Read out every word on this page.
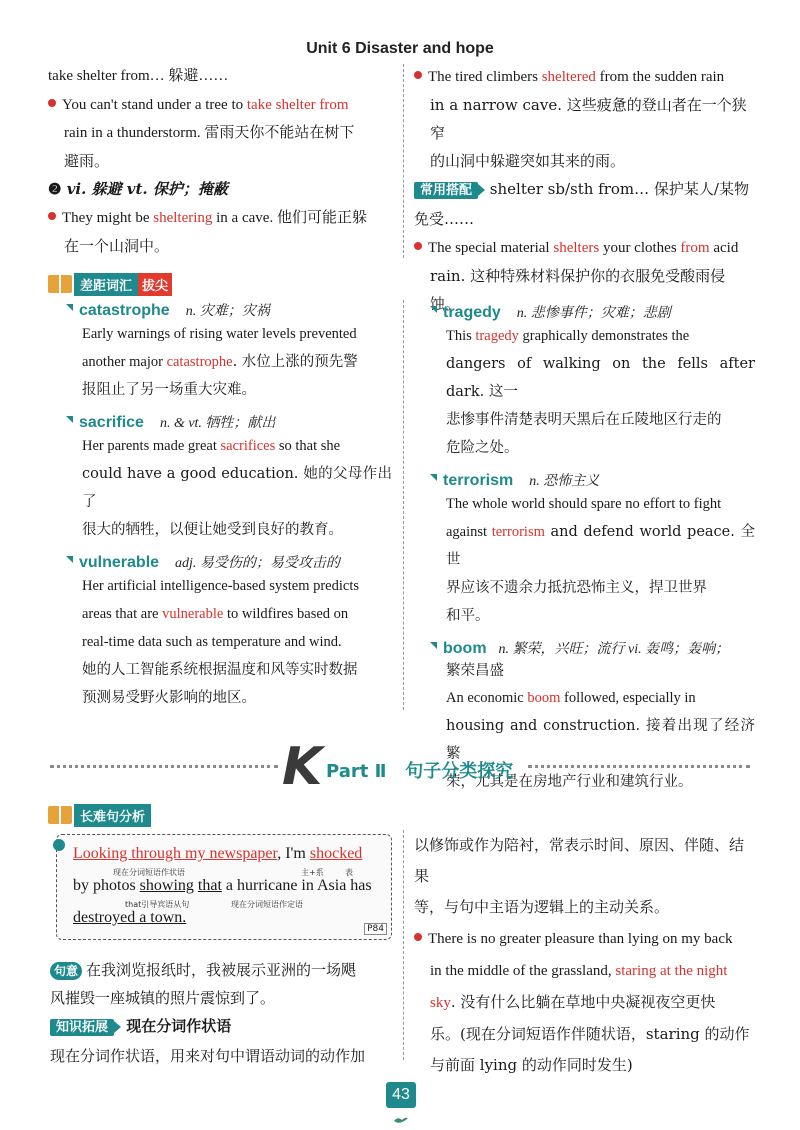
Unit 6 Disaster and hope
take shelter from… 躲避……
You can't stand under a tree to take shelter from
rain in a thunderstorm. 雷雨天你不能站在树下
避雨。
❷ vi. 躲避 vt. 保护；掩蔽
They might be sheltering in a cave. 他们可能正躲
在一个山洞中。
The tired climbers sheltered from the sudden rain
in a narrow cave. 这些疲惫的登山者在一个狭窄
的山洞中躲避突如其来的雨。
常用搭配 shelter sb/sth from… 保护某人/某物
免受……
The special material shelters your clothes from acid
rain. 这种特殊材料保护你的衣服免受酸雨侵蚀。
差距词汇 拔尖
catastrophe n. 灾难；灾祸
Early warnings of rising water levels prevented
another major catastrophe. 水位上涨的预先警
报阻止了另一场重大灾难。
sacrifice n. & vt. 牺牲；献出
Her parents made great sacrifices so that she
could have a good education. 她的父母作出了
很大的牺牲，以便让她受到良好的教育。
vulnerable adj. 易受伤的；易受攻击的
Her artificial intelligence-based system predicts
areas that are vulnerable to wildfires based on
real-time data such as temperature and wind.
她的人工智能系统根据温度和风等实时数据
预测易受野火影响的地区。
tragedy n. 悲惨事件；灾难；悲剧
This tragedy graphically demonstrates the
dangers of walking on the fells after dark. 这一
悲惨事件清楚表明天黑后在丘陵地区行走的
危险之处。
terrorism n. 恐怖主义
The whole world should spare no effort to fight
against terrorism and defend world peace. 全世
界应该不遗余力抵抗恐怖主义，捍卫世界
和平。
boom n. 繁荣，兴旺；流行 vi. 轰鸣；轰响；
繁荣昌盛
An economic boom followed, especially in
housing and construction. 接着出现了经济繁
荣，尤其是在房地产行业和建筑行业。
K Part Ⅱ   句子分类探究
长难句分析
Looking through my newspaper, I'm shocked
现在分词短语作状语	主+系	表
by photos showing that a hurricane in Asia has
that引导宾语从句	现在分词短语作定语
destroyed a town.
P84
句意 在我浏览报纸时，我被展示亚洲的一场飓
风摧毁一座城镇的照片震惊到了。
知识拓展 现在分词作状语
现在分词作状语，用来对句中谓语动词的动作加
以修饰或作为陪衬，常表示时间、原因、伴随、结果
等，与句中主语为逻辑上的主动关系。
There is no greater pleasure than lying on my back
in the middle of the grassland, staring at the night
sky. 没有什么比躺在草地中央凝视夜空更快
乐。(现在分词短语作伴随状语，staring 的动作
与前面 lying 的动作同时发生)
43
